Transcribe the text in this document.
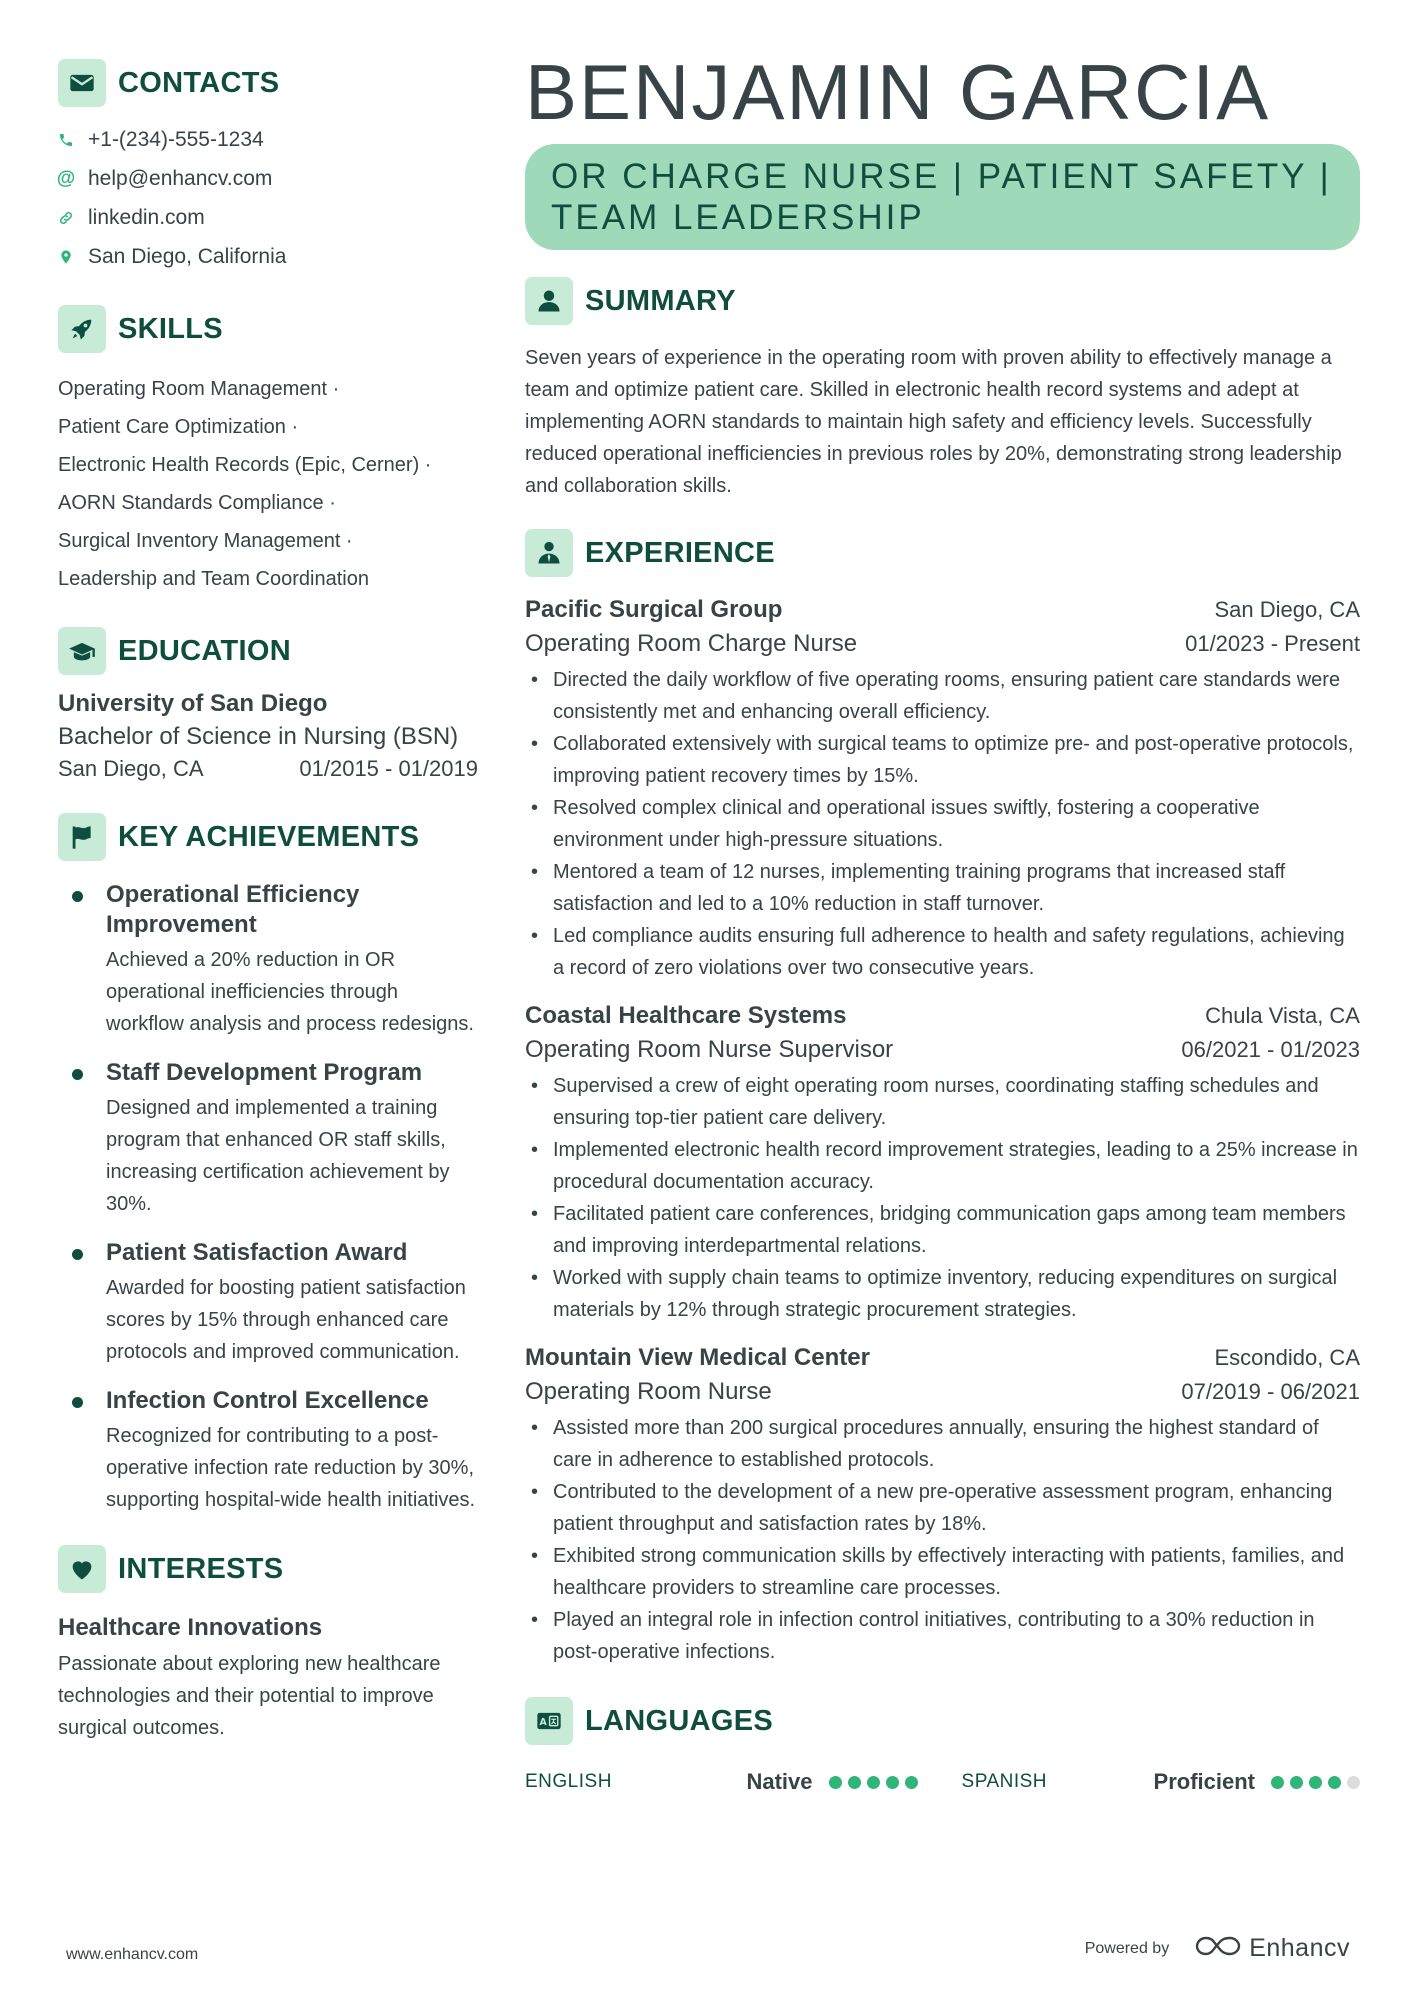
CONTACTS
+1-(234)-555-1234
@ help@enhancv.com
linkedin.com
San Diego, California
SKILLS
Operating Room Management ·
Patient Care Optimization ·
Electronic Health Records (Epic, Cerner) ·
AORN Standards Compliance ·
Surgical Inventory Management ·
Leadership and Team Coordination
EDUCATION
University of San Diego
Bachelor of Science in Nursing (BSN)
San Diego, CA	01/2015 - 01/2019
KEY ACHIEVEMENTS
Operational Efficiency Improvement
Achieved a 20% reduction in OR operational inefficiencies through workflow analysis and process redesigns.
Staff Development Program
Designed and implemented a training program that enhanced OR staff skills, increasing certification achievement by 30%.
Patient Satisfaction Award
Awarded for boosting patient satisfaction scores by 15% through enhanced care protocols and improved communication.
Infection Control Excellence
Recognized for contributing to a post-operative infection rate reduction by 30%, supporting hospital-wide health initiatives.
INTERESTS
Healthcare Innovations
Passionate about exploring new healthcare technologies and their potential to improve surgical outcomes.
BENJAMIN GARCIA
OR CHARGE NURSE | PATIENT SAFETY | TEAM LEADERSHIP
SUMMARY
Seven years of experience in the operating room with proven ability to effectively manage a team and optimize patient care. Skilled in electronic health record systems and adept at implementing AORN standards to maintain high safety and efficiency levels. Successfully reduced operational inefficiencies in previous roles by 20%, demonstrating strong leadership and collaboration skills.
EXPERIENCE
Pacific Surgical Group	San Diego, CA
Operating Room Charge Nurse	01/2023 - Present
• Directed the daily workflow of five operating rooms, ensuring patient care standards were consistently met and enhancing overall efficiency.
• Collaborated extensively with surgical teams to optimize pre- and post-operative protocols, improving patient recovery times by 15%.
• Resolved complex clinical and operational issues swiftly, fostering a cooperative environment under high-pressure situations.
• Mentored a team of 12 nurses, implementing training programs that increased staff satisfaction and led to a 10% reduction in staff turnover.
• Led compliance audits ensuring full adherence to health and safety regulations, achieving a record of zero violations over two consecutive years.
Coastal Healthcare Systems	Chula Vista, CA
Operating Room Nurse Supervisor	06/2021 - 01/2023
• Supervised a crew of eight operating room nurses, coordinating staffing schedules and ensuring top-tier patient care delivery.
• Implemented electronic health record improvement strategies, leading to a 25% increase in procedural documentation accuracy.
• Facilitated patient care conferences, bridging communication gaps among team members and improving interdepartmental relations.
• Worked with supply chain teams to optimize inventory, reducing expenditures on surgical materials by 12% through strategic procurement strategies.
Mountain View Medical Center	Escondido, CA
Operating Room Nurse	07/2019 - 06/2021
• Assisted more than 200 surgical procedures annually, ensuring the highest standard of care in adherence to established protocols.
• Contributed to the development of a new pre-operative assessment program, enhancing patient throughput and satisfaction rates by 18%.
• Exhibited strong communication skills by effectively interacting with patients, families, and healthcare providers to streamline care processes.
• Played an integral role in infection control initiatives, contributing to a 30% reduction in post-operative infections.
A LANGUAGES
ENGLISH	Native	SPANISH	Proficient
www.enhancv.com	Powered by	Enhancv
